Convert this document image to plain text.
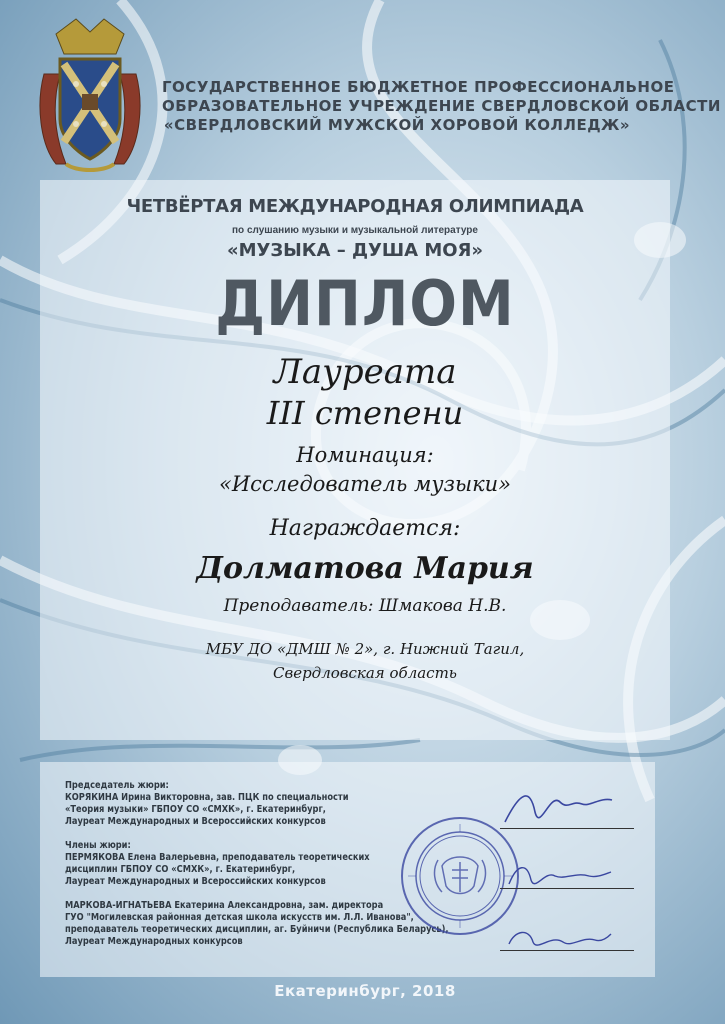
ГОСУДАРСТВЕННОЕ БЮДЖЕТНОЕ ПРОФЕССИОНАЛЬНОЕ
ОБРАЗОВАТЕЛЬНОЕ УЧРЕЖДЕНИЕ СВЕРДЛОВСКОЙ ОБЛАСТИ
«СВЕРДЛОВСКИЙ МУЖСКОЙ ХОРОВОЙ КОЛЛЕДЖ»
ЧЕТВЁРТАЯ МЕЖДУНАРОДНАЯ ОЛИМПИАДА
по слушанию музыки и музыкальной литературе
«МУЗЫКА – ДУША МОЯ»
ДИПЛОМ
Лауреата
III степени
Номинация:
«Исследователь музыки»
Награждается:
Долматова Мария
Преподаватель: Шмакова Н.В.
МБУ ДО «ДМШ № 2», г. Нижний Тагил,
Свердловская область
Председатель жюри:
КОРЯКИНА Ирина Викторовна, зав. ПЦК по специальности
«Теория музыки» ГБПОУ СО «СМХК», г. Екатеринбург,
Лауреат Международных и Всероссийских конкурсов
Члены жюри:
ПЕРМЯКОВА Елена Валерьевна, преподаватель теоретических
дисциплин ГБПОУ СО «СМХК», г. Екатеринбург,
Лауреат Международных и Всероссийских конкурсов
МАРКОВА-ИГНАТЬЕВА Екатерина Александровна, зам. директора
ГУО "Могилевская районная детская школа искусств им. Л.Л. Иванова",
преподаватель теоретических дисциплин, аг. Буйничи (Республика Беларусь),
Лауреат Международных конкурсов
Екатеринбург, 2018
